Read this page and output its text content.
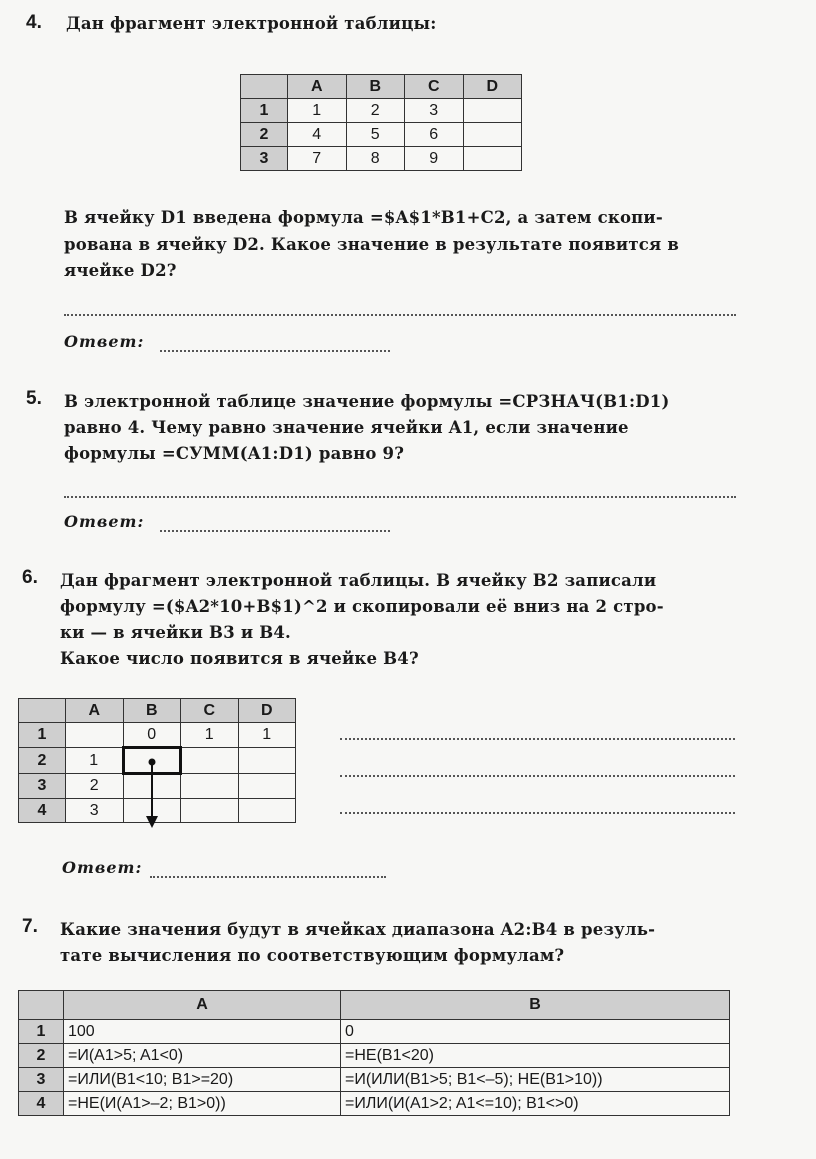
4. Дан фрагмент электронной таблицы:
	A	B	C	D
1	1	2	3	
2	4	5	6	
3	7	8	9	
В ячейку D1 введена формула =$A$1*B1+C2, а затем скопи-
рована в ячейку D2. Какое значение в результате появится в
ячейке D2?
Ответ:
5. В электронной таблице значение формулы =СРЗНАЧ(B1:D1)
равно 4. Чему равно значение ячейки A1, если значение
формулы =СУММ(A1:D1) равно 9?
Ответ:
6. Дан фрагмент электронной таблицы. В ячейку B2 записали
формулу =($A2*10+B$1)^2 и скопировали её вниз на 2 стро-
ки — в ячейки B3 и B4.
Какое число появится в ячейке B4?
	A	B	C	D
1		0	1	1
2	1			
3	2			
4	3			
Ответ:
7. Какие значения будут в ячейках диапазона A2:B4 в резуль-
тате вычисления по соответствующим формулам?
	A	B
1	100	0
2	=И(A1>5; A1<0)	=НЕ(B1<20)
3	=ИЛИ(B1<10; B1>=20)	=И(ИЛИ(B1>5; B1<–5); НЕ(B1>10))
4	=НЕ(И(A1>–2; B1>0))	=ИЛИ(И(A1>2; A1<=10); B1<>0)
